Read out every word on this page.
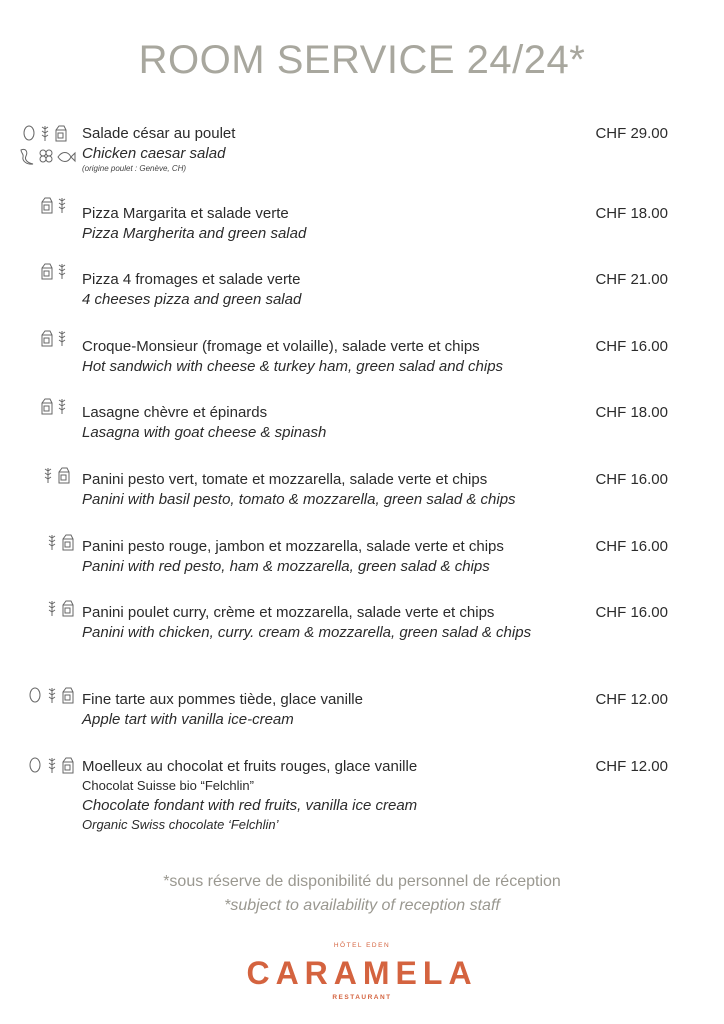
ROOM SERVICE 24/24*
Salade césar au poulet
Chicken caesar salad
(origine poulet : Genève, CH)
CHF 29.00
Pizza Margarita et salade verte
Pizza Margherita and green salad
CHF 18.00
Pizza 4 fromages et salade verte
4 cheeses pizza and green salad
CHF 21.00
Croque-Monsieur (fromage et volaille), salade verte et chips
Hot sandwich with cheese & turkey ham, green salad and chips
CHF 16.00
Lasagne chèvre et épinards
Lasagna with goat cheese & spinash
CHF 18.00
Panini pesto vert, tomate et mozzarella, salade verte et chips
Panini with basil pesto, tomato & mozzarella, green salad & chips
CHF 16.00
Panini pesto rouge, jambon et mozzarella, salade verte et chips
Panini with red pesto, ham & mozzarella, green salad & chips
CHF 16.00
Panini poulet curry, crème et mozzarella, salade verte et chips
Panini with chicken, curry. cream & mozzarella, green salad & chips
CHF 16.00
Fine tarte aux pommes tiède, glace vanille
Apple tart with vanilla ice-cream
CHF 12.00
Moelleux au chocolat et fruits rouges, glace vanille
Chocolat Suisse bio “Felchlin”
Chocolate fondant with red fruits, vanilla ice cream
Organic Swiss chocolate ‘Felchlin’
CHF 12.00
*sous réserve de disponibilité du personnel de réception
*subject to availability of reception staff
HÔTEL EDEN
CARAMELA
RESTAURANT
